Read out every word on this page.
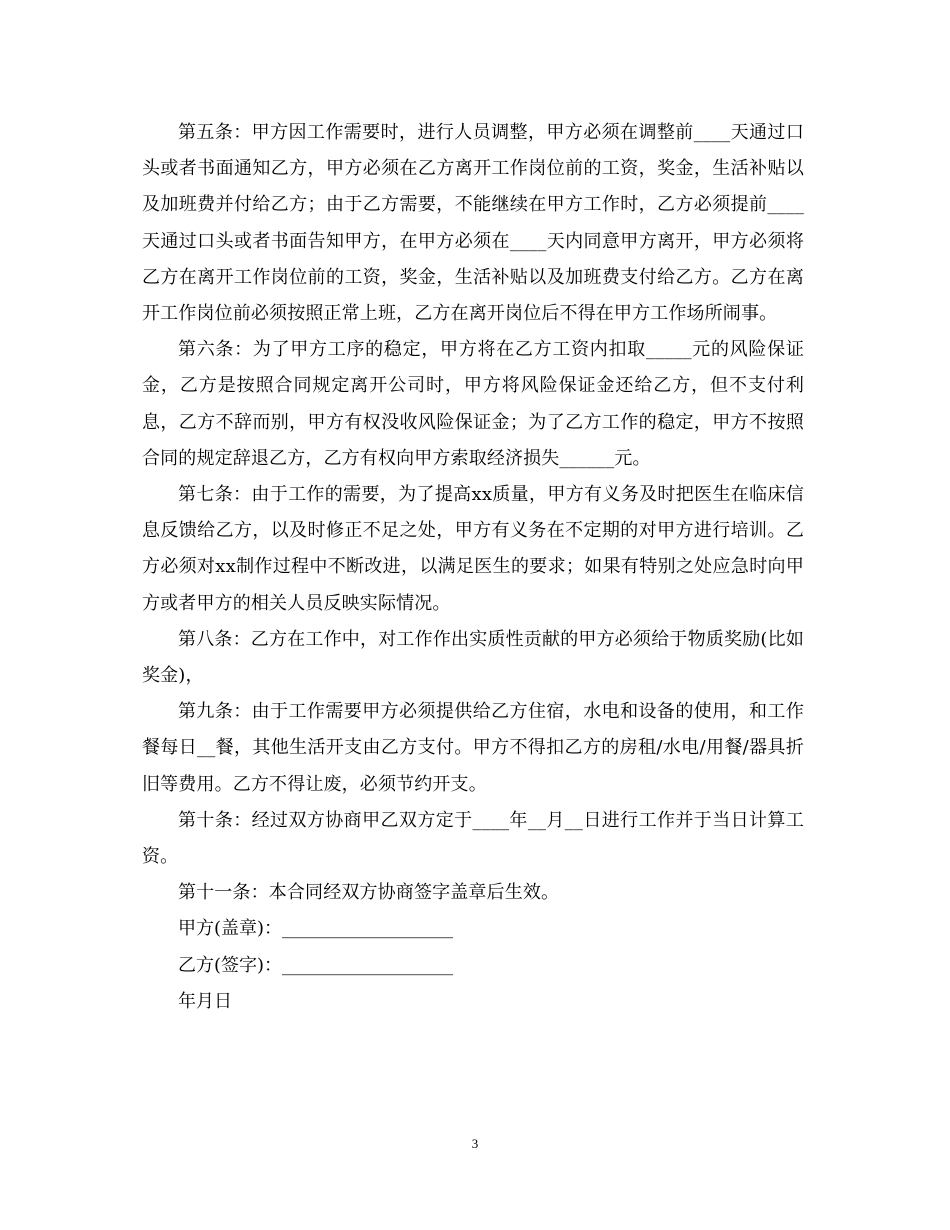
第五条：甲方因工作需要时，进行人员调整，甲方必须在调整前____天通过口头或者书面通知乙方，甲方必须在乙方离开工作岗位前的工资，奖金，生活补贴以及加班费并付给乙方；由于乙方需要，不能继续在甲方工作时，乙方必须提前____天通过口头或者书面告知甲方，在甲方必须在____天内同意甲方离开，甲方必须将乙方在离开工作岗位前的工资，奖金，生活补贴以及加班费支付给乙方。乙方在离开工作岗位前必须按照正常上班，乙方在离开岗位后不得在甲方工作场所闹事。

第六条：为了甲方工序的稳定，甲方将在乙方工资内扣取_____元的风险保证金，乙方是按照合同规定离开公司时，甲方将风险保证金还给乙方，但不支付利息，乙方不辞而别，甲方有权没收风险保证金；为了乙方工作的稳定，甲方不按照合同的规定辞退乙方，乙方有权向甲方索取经济损失______元。

第七条：由于工作的需要，为了提高xx质量，甲方有义务及时把医生在临床信息反馈给乙方，以及时修正不足之处，甲方有义务在不定期的对甲方进行培训。乙方必须对xx制作过程中不断改进，以满足医生的要求；如果有特别之处应急时向甲方或者甲方的相关人员反映实际情况。

第八条：乙方在工作中，对工作作出实质性贡献的甲方必须给于物质奖励(比如奖金)，

第九条：由于工作需要甲方必须提供给乙方住宿，水电和设备的使用，和工作餐每日__餐，其他生活开支由乙方支付。甲方不得扣乙方的房租/水电/用餐/器具折旧等费用。乙方不得让废，必须节约开支。

第十条：经过双方协商甲乙双方定于____年__月__日进行工作并于当日计算工资。

第十一条：本合同经双方协商签字盖章后生效。

甲方(盖章)：___________________

乙方(签字)：___________________

年月日

3
